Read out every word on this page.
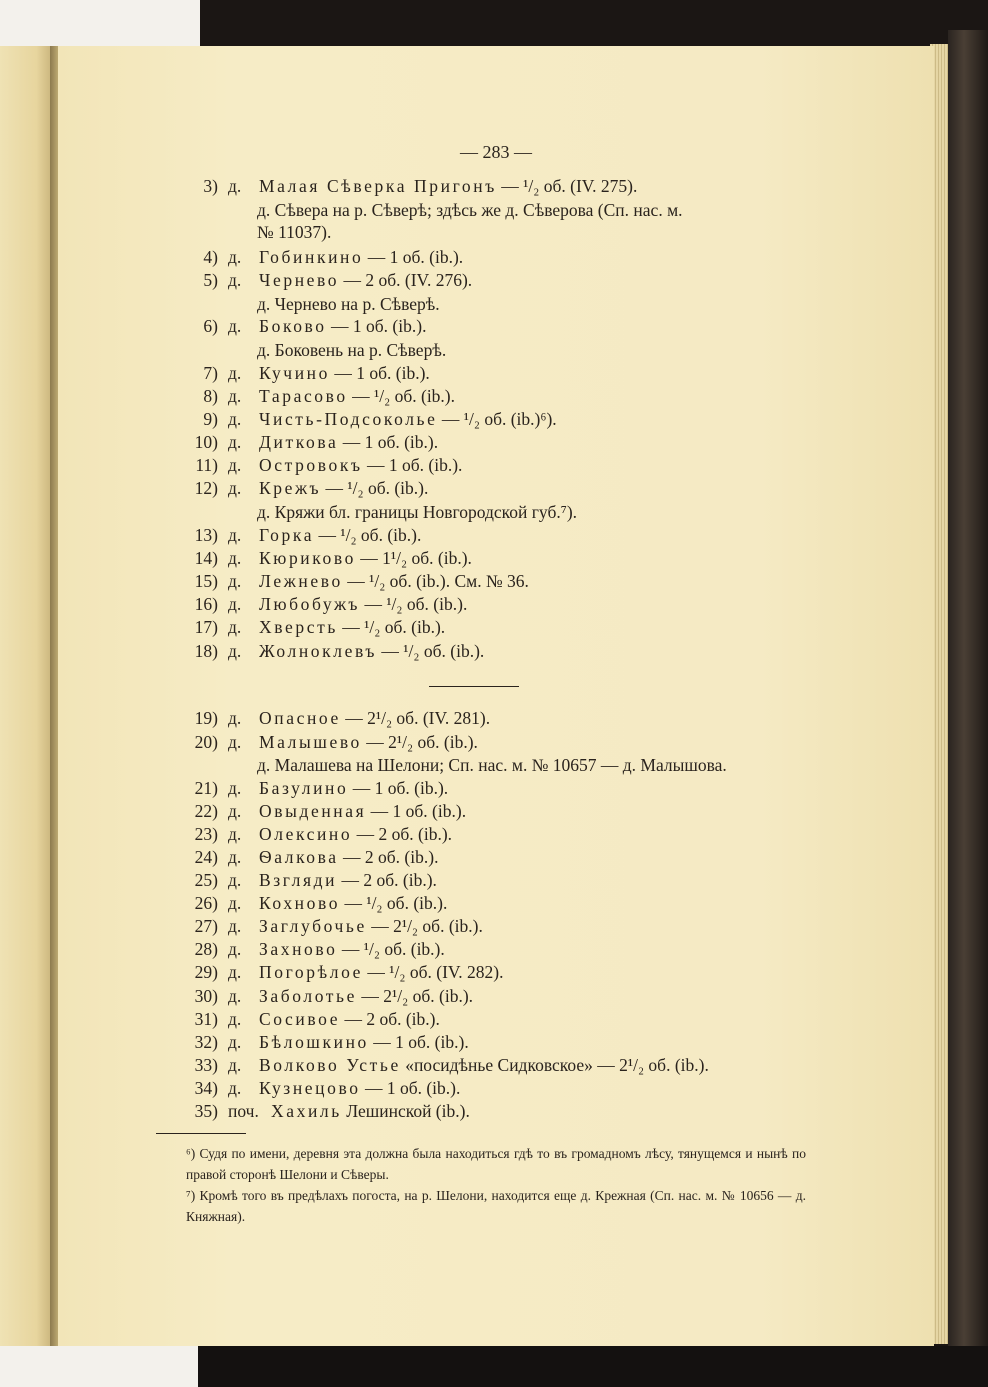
— 283 —
3) д. Малая Сѣверка Пригонъ — ¹/₂ об. (IV. 275).
д. Сѣвера на р. Сѣверѣ; здѣсь же д. Сѣверова (Сп. нас. м.
№ 11037).
4) д. Гобинкино — 1 об. (ib.).
5) д. Чернево — 2 об. (IV. 276).
д. Чернево на р. Сѣверѣ.
6) д. Боково — 1 об. (ib.).
д. Боковень на р. Сѣверѣ.
7) д. Кучино — 1 об. (ib.).
8) д. Тарасово — ¹/₂ об. (ib.).
9) д. Чисть-Подсоколье — ¹/₂ об. (ib.)⁶).
10) д. Диткова — 1 об. (ib.).
11) д. Островокъ — 1 об. (ib.).
12) д. Крежъ — ¹/₂ об. (ib.).
д. Кряжи бл. границы Новгородской губ.⁷).
13) д. Горка — ¹/₂ об. (ib.).
14) д. Кюриково — 1¹/₂ об. (ib.).
15) д. Лежнево — ¹/₂ об. (ib.). См. № 36.
16) д. Любобужъ — ¹/₂ об. (ib.).
17) д. Хверсть — ¹/₂ об. (ib.).
18) д. Жолноклевъ — ¹/₂ об. (ib.).
19) д. Опасное — 2¹/₂ об. (IV. 281).
20) д. Малышево — 2¹/₂ об. (ib.).
д. Малашева на Шелони; Сп. нас. м. № 10657 — д. Малышова.
21) д. Базулино — 1 об. (ib.).
22) д. Овыденная — 1 об. (ib.).
23) д. Олексино — 2 об. (ib.).
24) д. Ѳалкова — 2 об. (ib.).
25) д. Взгляди — 2 об. (ib.).
26) д. Кохново — ¹/₂ об. (ib.).
27) д. Заглубочье — 2¹/₂ об. (ib.).
28) д. Захново — ¹/₂ об. (ib.).
29) д. Погорѣлое — ¹/₂ об. (IV. 282).
30) д. Заболотье — 2¹/₂ об. (ib.).
31) д. Сосивое — 2 об. (ib.).
32) д. Бѣлошкино — 1 об. (ib.).
33) д. Волково Устье «посидѣнье Сидковское» — 2¹/₂ об. (ib.).
34) д. Кузнецово — 1 об. (ib.).
35) поч. Хахиль Лешинской (ib.).

⁶) Судя по имени, деревня эта должна была находиться гдѣ то въ громадномъ лѣсу, тянущемся и нынѣ по правой сторонѣ Шелони и Сѣверы.

⁷) Кромѣ того въ предѣлахъ погоста, на р. Шелони, находится еще д. Крежная (Сп. нас. м. № 10656 — д. Княжная).
